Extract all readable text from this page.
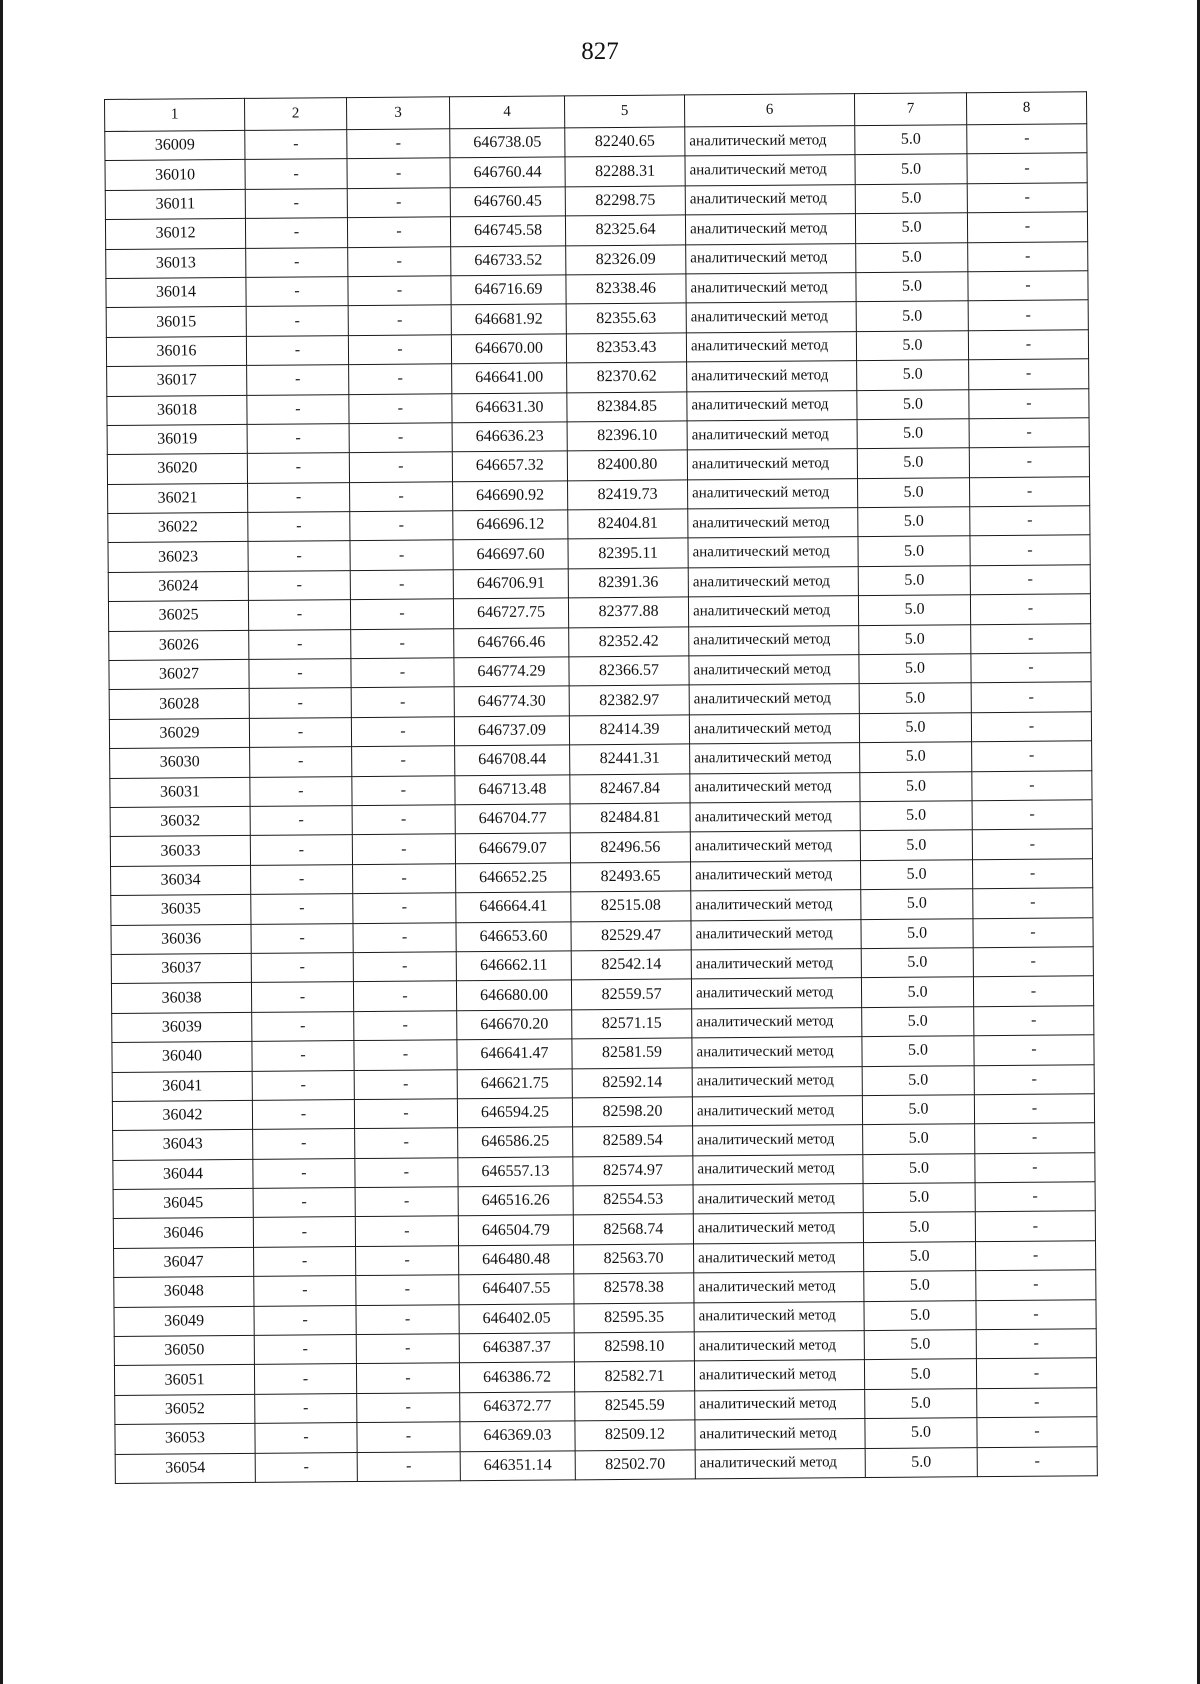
827
1	2	3	4	5	6	7	8
36009	-	-	646738.05	82240.65	аналитический метод	5.0	-
36010	-	-	646760.44	82288.31	аналитический метод	5.0	-
36011	-	-	646760.45	82298.75	аналитический метод	5.0	-
36012	-	-	646745.58	82325.64	аналитический метод	5.0	-
36013	-	-	646733.52	82326.09	аналитический метод	5.0	-
36014	-	-	646716.69	82338.46	аналитический метод	5.0	-
36015	-	-	646681.92	82355.63	аналитический метод	5.0	-
36016	-	-	646670.00	82353.43	аналитический метод	5.0	-
36017	-	-	646641.00	82370.62	аналитический метод	5.0	-
36018	-	-	646631.30	82384.85	аналитический метод	5.0	-
36019	-	-	646636.23	82396.10	аналитический метод	5.0	-
36020	-	-	646657.32	82400.80	аналитический метод	5.0	-
36021	-	-	646690.92	82419.73	аналитический метод	5.0	-
36022	-	-	646696.12	82404.81	аналитический метод	5.0	-
36023	-	-	646697.60	82395.11	аналитический метод	5.0	-
36024	-	-	646706.91	82391.36	аналитический метод	5.0	-
36025	-	-	646727.75	82377.88	аналитический метод	5.0	-
36026	-	-	646766.46	82352.42	аналитический метод	5.0	-
36027	-	-	646774.29	82366.57	аналитический метод	5.0	-
36028	-	-	646774.30	82382.97	аналитический метод	5.0	-
36029	-	-	646737.09	82414.39	аналитический метод	5.0	-
36030	-	-	646708.44	82441.31	аналитический метод	5.0	-
36031	-	-	646713.48	82467.84	аналитический метод	5.0	-
36032	-	-	646704.77	82484.81	аналитический метод	5.0	-
36033	-	-	646679.07	82496.56	аналитический метод	5.0	-
36034	-	-	646652.25	82493.65	аналитический метод	5.0	-
36035	-	-	646664.41	82515.08	аналитический метод	5.0	-
36036	-	-	646653.60	82529.47	аналитический метод	5.0	-
36037	-	-	646662.11	82542.14	аналитический метод	5.0	-
36038	-	-	646680.00	82559.57	аналитический метод	5.0	-
36039	-	-	646670.20	82571.15	аналитический метод	5.0	-
36040	-	-	646641.47	82581.59	аналитический метод	5.0	-
36041	-	-	646621.75	82592.14	аналитический метод	5.0	-
36042	-	-	646594.25	82598.20	аналитический метод	5.0	-
36043	-	-	646586.25	82589.54	аналитический метод	5.0	-
36044	-	-	646557.13	82574.97	аналитический метод	5.0	-
36045	-	-	646516.26	82554.53	аналитический метод	5.0	-
36046	-	-	646504.79	82568.74	аналитический метод	5.0	-
36047	-	-	646480.48	82563.70	аналитический метод	5.0	-
36048	-	-	646407.55	82578.38	аналитический метод	5.0	-
36049	-	-	646402.05	82595.35	аналитический метод	5.0	-
36050	-	-	646387.37	82598.10	аналитический метод	5.0	-
36051	-	-	646386.72	82582.71	аналитический метод	5.0	-
36052	-	-	646372.77	82545.59	аналитический метод	5.0	-
36053	-	-	646369.03	82509.12	аналитический метод	5.0	-
36054	-	-	646351.14	82502.70	аналитический метод	5.0	-
